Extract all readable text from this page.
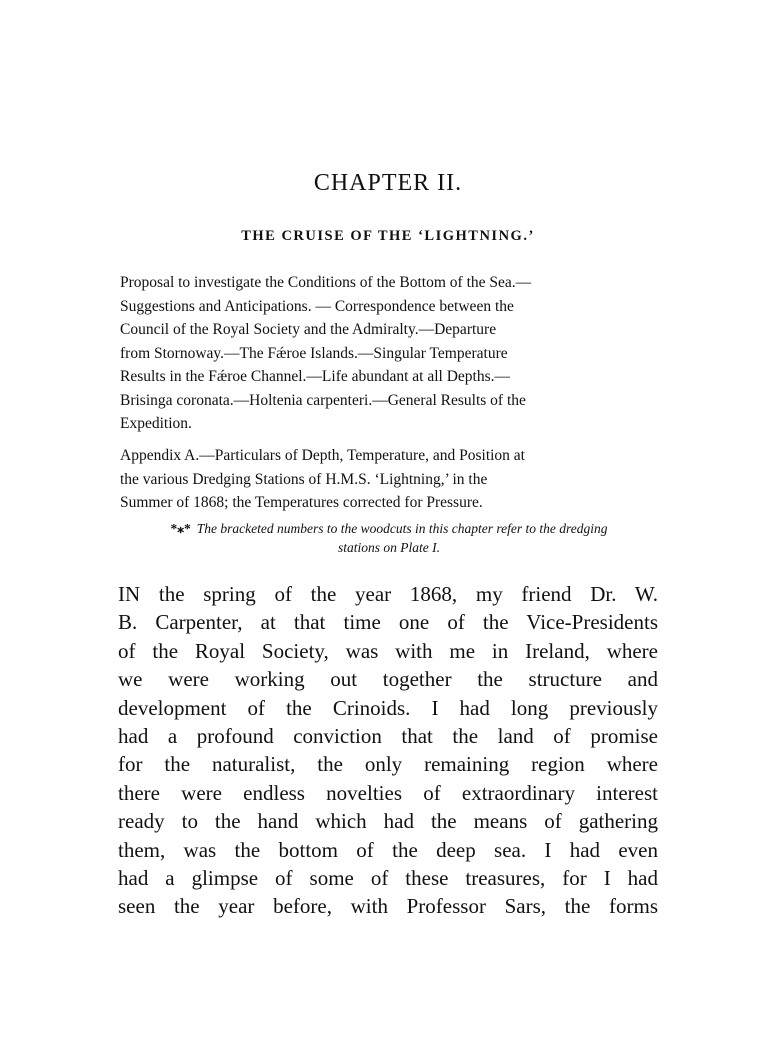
CHAPTER II.
THE CRUISE OF THE ‘LIGHTNING.’

Proposal to investigate the Conditions of the Bottom of the Sea.—
Suggestions and Anticipations. — Correspondence between the
Council of the Royal Society and the Admiralty.—Departure
from Stornoway.—The Fǽroe Islands.—Singular Temperature
Results in the Fǽroe Channel.—Life abundant at all Depths.—
Brisinga coronata.—Holtenia carpenteri.—General Results of the
Expedition.

Appendix A.—Particulars of Depth, Temperature, and Position at
the various Dredging Stations of H.M.S. ‘Lightning,’ in the
Summer of 1868; the Temperatures corrected for Pressure.

*⁎* The bracketed numbers to the woodcuts in this chapter refer to the dredging
stations on Plate I.
IN the spring of the year 1868, my friend Dr. W.
B. Carpenter, at that time one of the Vice-Presidents
of the Royal Society, was with me in Ireland, where
we were working out together the structure and
development of the Crinoids. I had long previously
had a profound conviction that the land of promise
for the naturalist, the only remaining region where
there were endless novelties of extraordinary interest
ready to the hand which had the means of gathering
them, was the bottom of the deep sea. I had even
had a glimpse of some of these treasures, for I had
seen the year before, with Professor Sars, the forms
